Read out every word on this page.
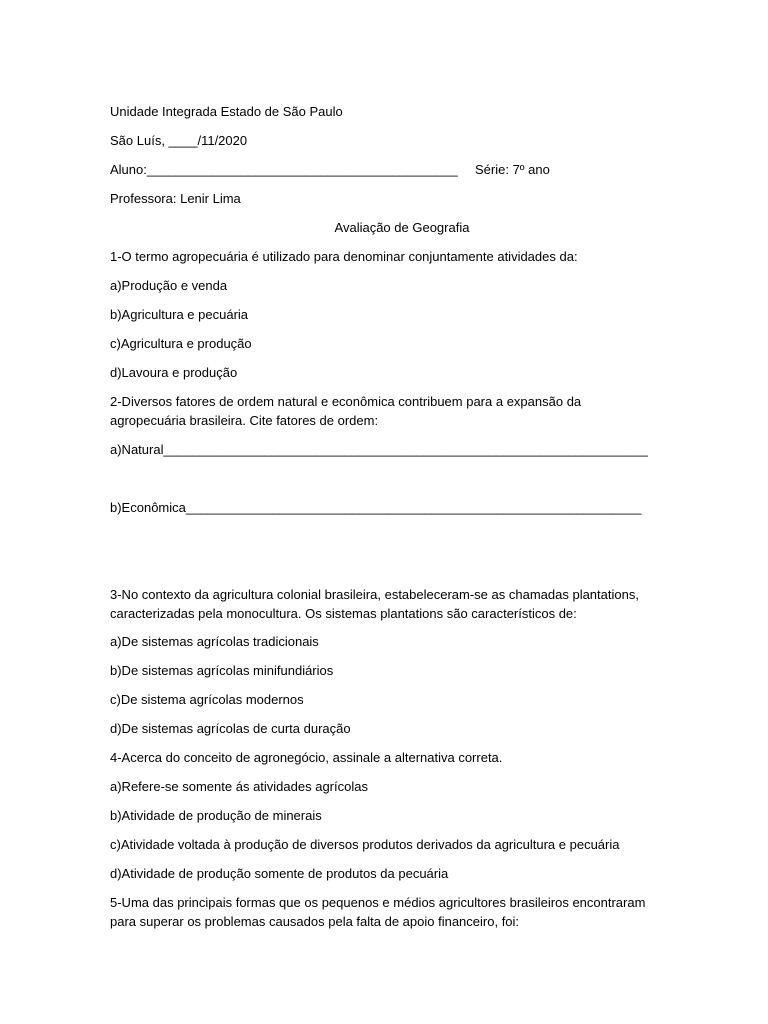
Unidade Integrada Estado de São Paulo

São Luís, ____/11/2020

Aluno:___________________________________________ Série: 7º ano

Professora: Lenir Lima

Avaliação de Geografia

1-O termo agropecuária é utilizado para denominar conjuntamente atividades da:

a)Produção e venda

b)Agricultura e pecuária

c)Agricultura e produção

d)Lavoura e produção

2-Diversos fatores de ordem natural e econômica contribuem para a expansão da

agropecuária brasileira. Cite fatores de ordem:

a)Natural___________________________________________________________________

b)Econômica_______________________________________________________________

3-No contexto da agricultura colonial brasileira, estabeleceram-se as chamadas plantations,

caracterizadas pela monocultura. Os sistemas plantations são característicos de:

a)De sistemas agrícolas tradicionais

b)De sistemas agrícolas minifundiários

c)De sistema agrícolas modernos

d)De sistemas agrícolas de curta duração

4-Acerca do conceito de agronegócio, assinale a alternativa correta.

a)Refere-se somente ás atividades agrícolas

b)Atividade de produção de minerais

c)Atividade voltada à produção de diversos produtos derivados da agricultura e pecuária

d)Atividade de produção somente de produtos da pecuária

5-Uma das principais formas que os pequenos e médios agricultores brasileiros encontraram

para superar os problemas causados pela falta de apoio financeiro, foi:
